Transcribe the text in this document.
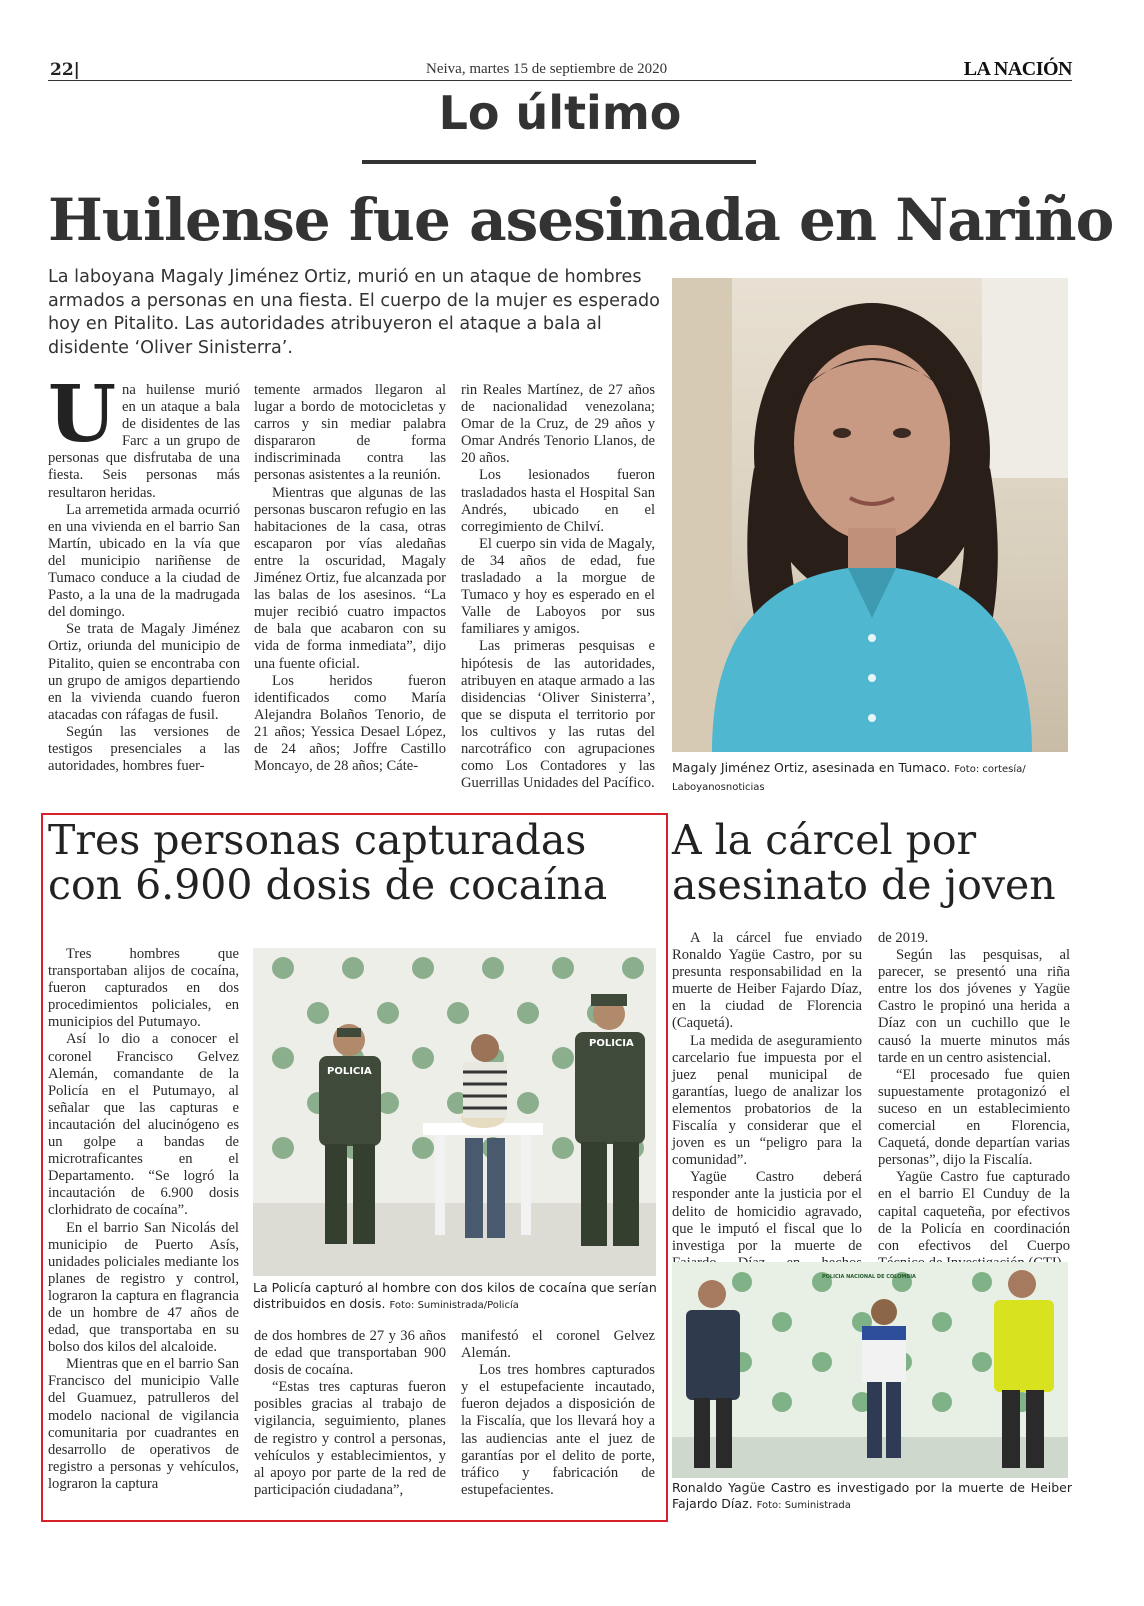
22|	Neiva, martes 15 de septiembre de 2020	LA NACIÓN
Lo último
Huilense fue asesinada en Nariño
La laboyana Magaly Jiménez Ortiz, murió en un ataque de hombres armados a personas en una fiesta. El cuerpo de la mujer es esperado hoy en Pitalito. Las autoridades atribuyeron el ataque a bala al disidente ‘Oliver Sinisterra’.
U na huilense murió en un ataque a bala de disidentes de las Farc a un grupo de personas que disfrutaba de una fiesta. Seis personas más resultaron heridas.

La arremetida armada ocurrió en una vivienda en el barrio San Martín, ubicado en la vía que del municipio nariñense de Tumaco conduce a la ciudad de Pasto, a la una de la madrugada del domingo.

Se trata de Magaly Jiménez Ortiz, oriunda del municipio de Pitalito, quien se encontraba con un grupo de amigos departiendo en la vivienda cuando fueron atacadas con ráfagas de fusil.

Según las versiones de testigos presenciales a las autoridades, hombres fuer-

temente armados llegaron al lugar a bordo de motocicletas y carros y sin mediar palabra dispararon de forma indiscriminada contra las personas asistentes a la reunión.

Mientras que algunas de las personas buscaron refugio en las habitaciones de la casa, otras escaparon por vías aledañas entre la oscuridad, Magaly Jiménez Ortiz, fue alcanzada por las balas de los asesinos. “La mujer recibió cuatro impactos de bala que acabaron con su vida de forma inmediata”, dijo una fuente oficial.

Los heridos fueron identificados como María Alejandra Bolaños Tenorio, de 21 años; Yessica Desael López, de 24 años; Joffre Castillo Moncayo, de 28 años; Cáte-

rin Reales Martínez, de 27 años de nacionalidad venezolana; Omar de la Cruz, de 29 años y Omar Andrés Tenorio Llanos, de 20 años.

Los lesionados fueron trasladados hasta el Hospital San Andrés, ubicado en el corregimiento de Chilví.

El cuerpo sin vida de Magaly, de 34 años de edad, fue trasladado a la morgue de Tumaco y hoy es esperado en el Valle de Laboyos por sus familiares y amigos.

Las primeras pesquisas e hipótesis de las autoridades, atribuyen en ataque armado a las disidencias ‘Oliver Sinisterra’, que se disputa el territorio por los cultivos y las rutas del narcotráfico con agrupaciones como Los Contadores y las Guerrillas Unidades del Pacífico.

Magaly Jiménez Ortiz, asesinada en Tumaco. Foto: cortesía/ Laboyanosnoticias
Tres personas capturadas con 6.900 dosis de cocaína
POLICIA
POLICIA
La Policía capturó al hombre con dos kilos de cocaína que serían distribuidos en dosis. Foto: Suministrada/Policía

Tres hombres que transportaban alijos de cocaína, fueron capturados en dos procedimientos policiales, en municipios del Putumayo.

Así lo dio a conocer el coronel Francisco Gelvez Alemán, comandante de la Policía en el Putumayo, al señalar que las capturas e incautación del alucinógeno es un golpe a bandas de microtraficantes en el Departamento. “Se logró la incautación de 6.900 dosis clorhidrato de cocaína”.

En el barrio San Nicolás del municipio de Puerto Asís, unidades policiales mediante los planes de registro y control, lograron la captura en flagrancia de un hombre de 47 años de edad, que transportaba en su bolso dos kilos del alcaloide.

Mientras que en el barrio San Francisco del municipio Valle del Guamuez, patrulleros del modelo nacional de vigilancia comunitaria por cuadrantes en desarrollo de operativos de registro a personas y vehículos, lograron la captura

de dos hombres de 27 y 36 años de edad que transportaban 900 dosis de cocaína.

“Estas tres capturas fueron posibles gracias al trabajo de vigilancia, seguimiento, planes de registro y control a personas, vehículos y establecimientos, y al apoyo por parte de la red de participación ciudadana”,

manifestó el coronel Gelvez Alemán.

Los tres hombres capturados y el estupefaciente incautado, fueron dejados a disposición de la Fiscalía, que los llevará hoy a las audiencias ante el juez de garantías por el delito de porte, tráfico y fabricación de estupefacientes.

A la cárcel por asesinato de joven

A la cárcel fue enviado Ronaldo Yagüe Castro, por su presunta responsabilidad en la muerte de Heiber Fajardo Díaz, en la ciudad de Florencia (Caquetá).

La medida de aseguramiento carcelario fue impuesta por el juez penal municipal de garantías, luego de analizar los elementos probatorios de la Fiscalía y considerar que el joven es un “peligro para la comunidad”.

Yagüe Castro deberá responder ante la justicia por el delito de homicidio agravado, que le imputó el fiscal que lo investiga por la muerte de

de 2019.

Según las pesquisas, al parecer, se presentó una riña entre los dos jóvenes y Yagüe Castro le propinó una herida a Díaz con un cuchillo que le causó la muerte minutos más tarde en un centro asistencial.

“El procesado fue quien supuestamente protagonizó el suceso en un establecimiento comercial en Florencia, Caquetá, donde departían varias personas”, dijo la Fiscalía.

Yagüe Castro fue capturado en el barrio El Cunduy de la capital caqueteña, por efectivos de la Policía en coordinación con efectivos del Cuerpo

POLICIA NACIONAL DE COLOMBIA
Ronaldo Yagüe Castro es investigado por la muerte de Heiber Fajardo Díaz. Foto: Suministrada
